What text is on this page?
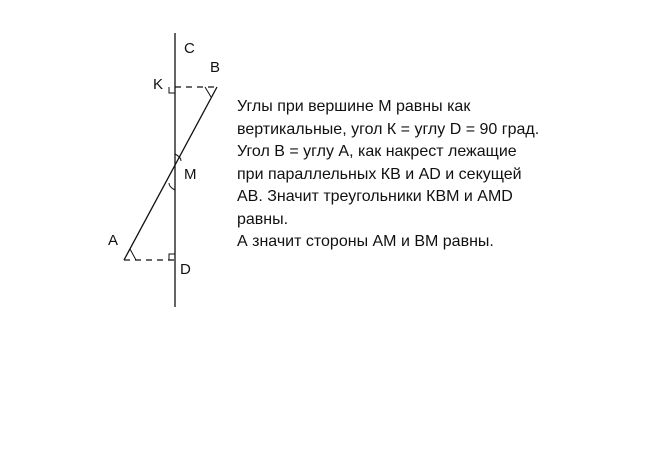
C
K
B
M
A
D
Углы при вершине М равны как
вертикальные, угол К = углу D = 90 град.
Угол В = углу А, как накрест лежащие
при параллельных КВ и AD и секущей
АВ. Значит треугольники КВМ и AMD
равны.
А значит стороны АМ и ВМ равны.
